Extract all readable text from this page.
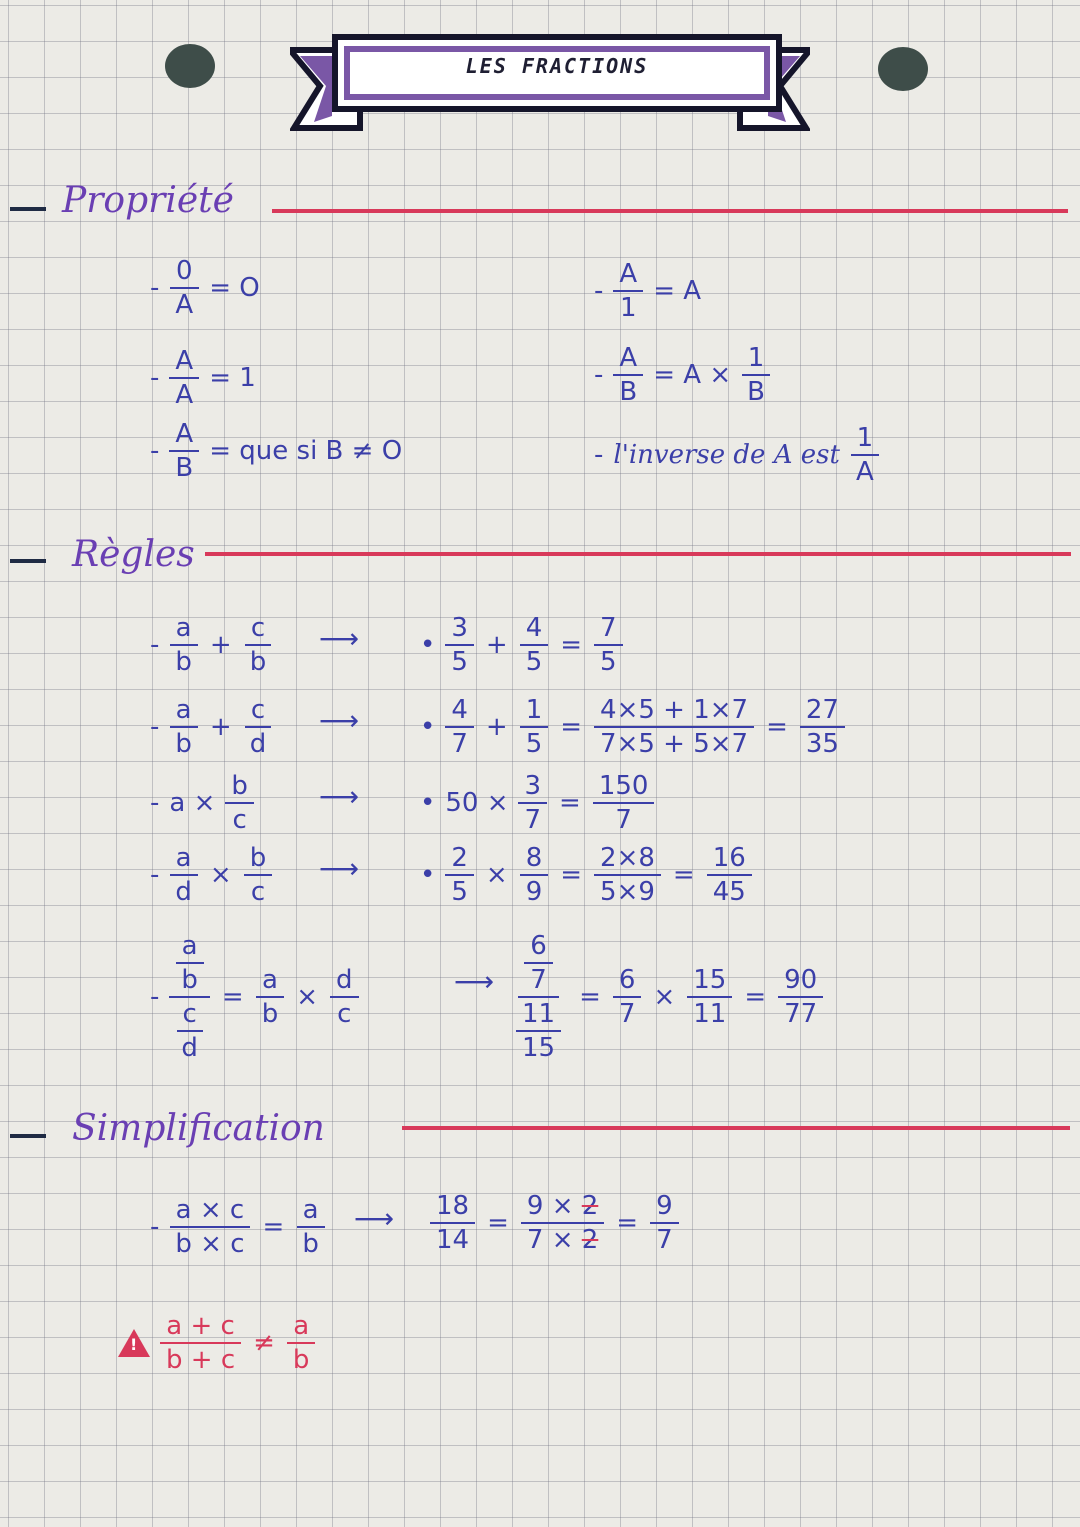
LES FRACTIONS
Propriété
- $\frac{0}{A} = O$
- $\frac{A}{A} = 1$
- $\frac{A}{B}$ = que si B ≠ O
- $\frac{A}{1} = A$
- $\frac{A}{B} = A \times \frac{1}{B}$
- l'inverse de A est $\frac{1}{A}$
Règles
- $\frac{a}{b} + \frac{c}{b}$	⟶	• $\frac{3}{5} + \frac{4}{5} = \frac{7}{5}$
- $\frac{a}{b} + \frac{c}{d}$	⟶	• $\frac{4}{7} + \frac{1}{5} = \frac{4\times 5 + 1\times 7}{7\times 5 + 5\times 7} = \frac{27}{35}$
- $a \times \frac{b}{c}$	⟶	• $50 \times \frac{3}{7} = \frac{150}{7}$
- $\frac{a}{d} \times \frac{b}{c}$	⟶	• $\frac{2}{5} \times \frac{8}{9} = \frac{2\times 8}{5\times 9} = \frac{16}{45}$
- $\frac{\frac{a}{b}}{\frac{c}{d}} = \frac{a}{b} \times \frac{d}{c}$	⟶ $\frac{\frac{6}{7}}{\frac{11}{15}} = \frac{6}{7} \times \frac{15}{11} = \frac{90}{77}$
Simplification
- $\frac{a \times c}{b \times c} = \frac{a}{b}$	⟶	$\frac{18}{14} = \frac{9 \times 2}{7 \times 2} = \frac{9}{7}$
! $\frac{a + c}{b + c} \ne \frac{a}{b}$
